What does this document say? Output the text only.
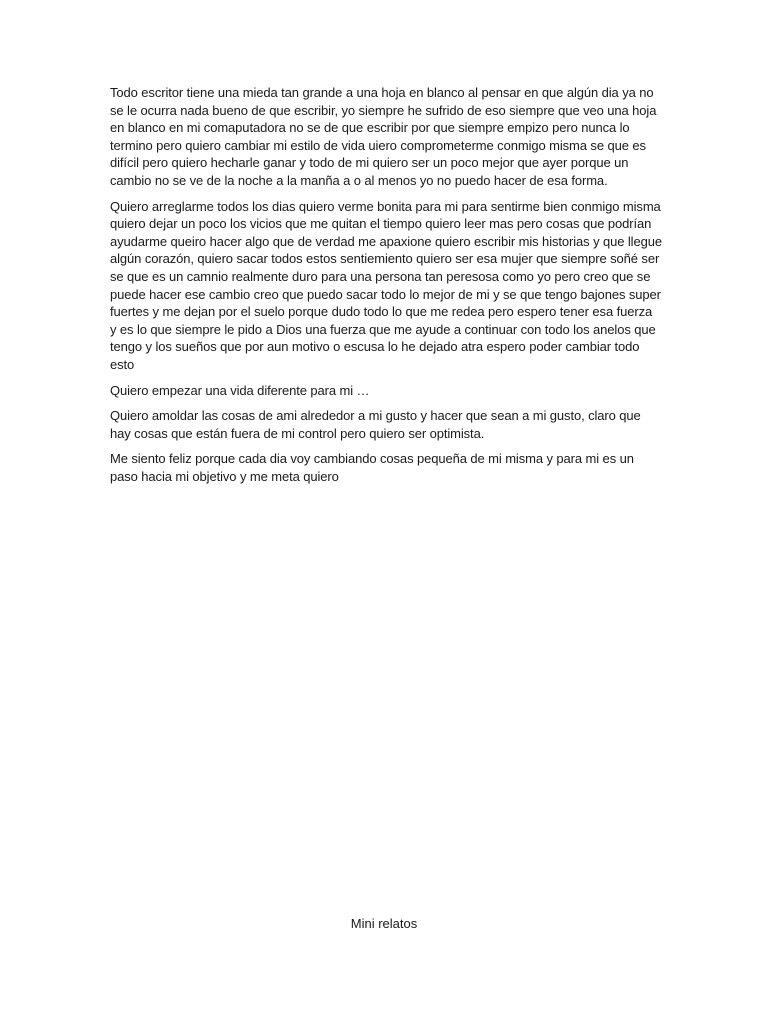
Todo escritor tiene una mieda tan grande a una hoja en blanco al pensar en que algún dia ya no se le ocurra nada bueno de que escribir, yo siempre he sufrido de eso siempre que veo una hoja en blanco en mi comaputadora no se de que escribir por que siempre empizo pero nunca lo termino pero quiero cambiar mi estilo de vida uiero comprometerme conmigo misma se que es difícil pero quiero hecharle ganar y todo de mi quiero ser un poco mejor que ayer porque un cambio no se ve de la noche a la manña a o al menos yo no puedo hacer de esa forma.

Quiero arreglarme todos los dias quiero verme bonita para mi para sentirme bien conmigo misma quiero dejar un poco los vicios que me quitan el tiempo quiero leer mas pero cosas que podrían ayudarme queiro hacer algo que de verdad me apaxione quiero escribir mis historias y que llegue algún corazón, quiero sacar todos estos sentiemiento quiero ser esa mujer que siempre soñé ser se que es un camnio realmente duro para una persona tan peresosa como yo pero creo que se puede hacer ese cambio creo que puedo sacar todo lo mejor de mi y se que tengo bajones super fuertes y me dejan por el suelo porque dudo todo lo que me redea pero espero tener esa fuerza y es lo que siempre le pido a Dios una fuerza que me ayude a continuar con todo los anelos que tengo y los sueños que por aun motivo o escusa lo he dejado atra espero poder cambiar todo esto

Quiero empezar una vida diferente para mi …

Quiero amoldar las cosas de ami alrededor a mi gusto y hacer que sean a mi gusto, claro que hay cosas que están fuera de mi control pero quiero ser optimista.

Me siento feliz porque cada dia voy cambiando cosas pequeña de mi misma y para mi es un paso hacia mi objetivo y me meta quiero

Mini relatos
